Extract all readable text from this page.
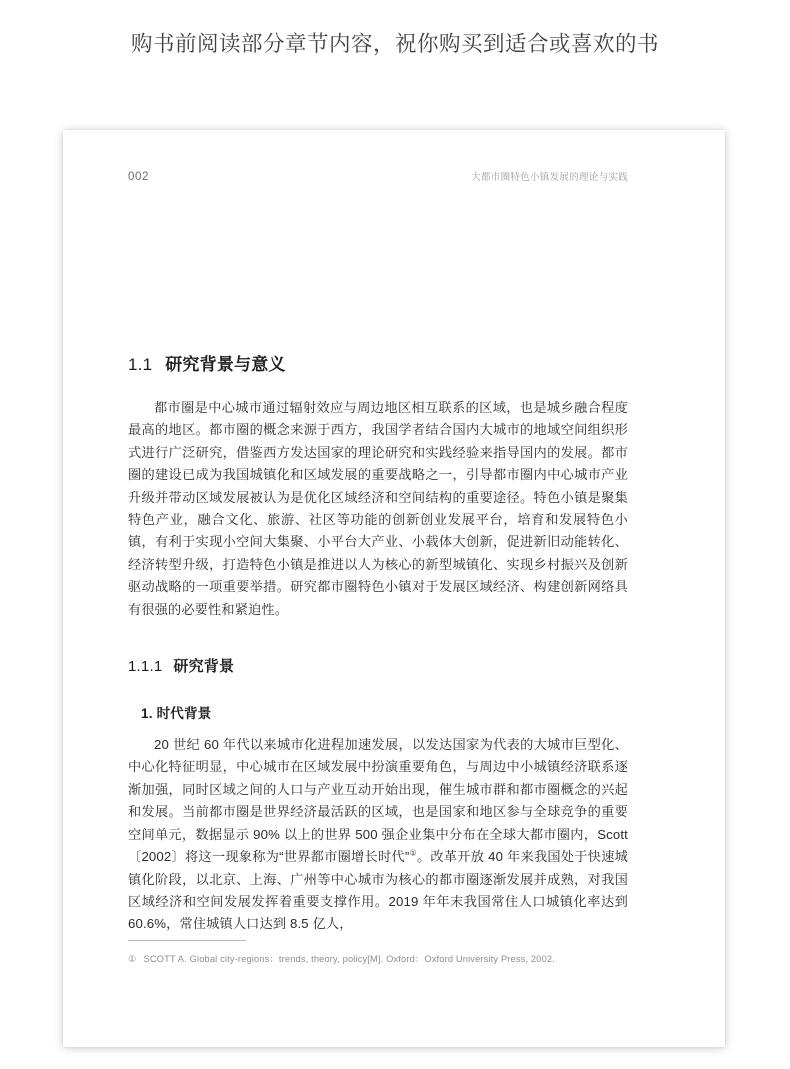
购书前阅读部分章节内容，祝你购买到适合或喜欢的书
002	大都市圈特色小镇发展的理论与实践
1.1 研究背景与意义

都市圈是中心城市通过辐射效应与周边地区相互联系的区域，也是城乡融合程度最高的地区。都市圈的概念来源于西方，我国学者结合国内大城市的地域空间组织形式进行广泛研究，借鉴西方发达国家的理论研究和实践经验来指导国内的发展。都市圈的建设已成为我国城镇化和区域发展的重要战略之一，引导都市圈内中心城市产业升级并带动区域发展被认为是优化区域经济和空间结构的重要途径。特色小镇是聚集特色产业，融合文化、旅游、社区等功能的创新创业发展平台，培育和发展特色小镇，有利于实现小空间大集聚、小平台大产业、小载体大创新，促进新旧动能转化、经济转型升级，打造特色小镇是推进以人为核心的新型城镇化、实现乡村振兴及创新驱动战略的一项重要举措。研究都市圈特色小镇对于发展区域经济、构建创新网络具有很强的必要性和紧迫性。

1.1.1 研究背景
1. 时代背景

20 世纪 60 年代以来城市化进程加速发展，以发达国家为代表的大城市巨型化、中心化特征明显，中心城市在区域发展中扮演重要角色，与周边中小城镇经济联系逐渐加强，同时区域之间的人口与产业互动开始出现，催生城市群和都市圈概念的兴起和发展。当前都市圈是世界经济最活跃的区域，也是国家和地区参与全球竞争的重要空间单元，数据显示 90% 以上的世界 500 强企业集中分布在全球大都市圈内，Scott〔2002〕将这一现象称为“世界都市圈增长时代”①。改革开放 40 年来我国处于快速城镇化阶段，以北京、上海、广州等中心城市为核心的都市圈逐渐发展并成熟，对我国区域经济和空间发展发挥着重要支撑作用。2019 年年末我国常住人口城镇化率达到 60.6%，常住城镇人口达到 8.5 亿人，

① SCOTT A. Global city-regions：trends, theory, policy[M]. Oxford：Oxford University Press, 2002.
